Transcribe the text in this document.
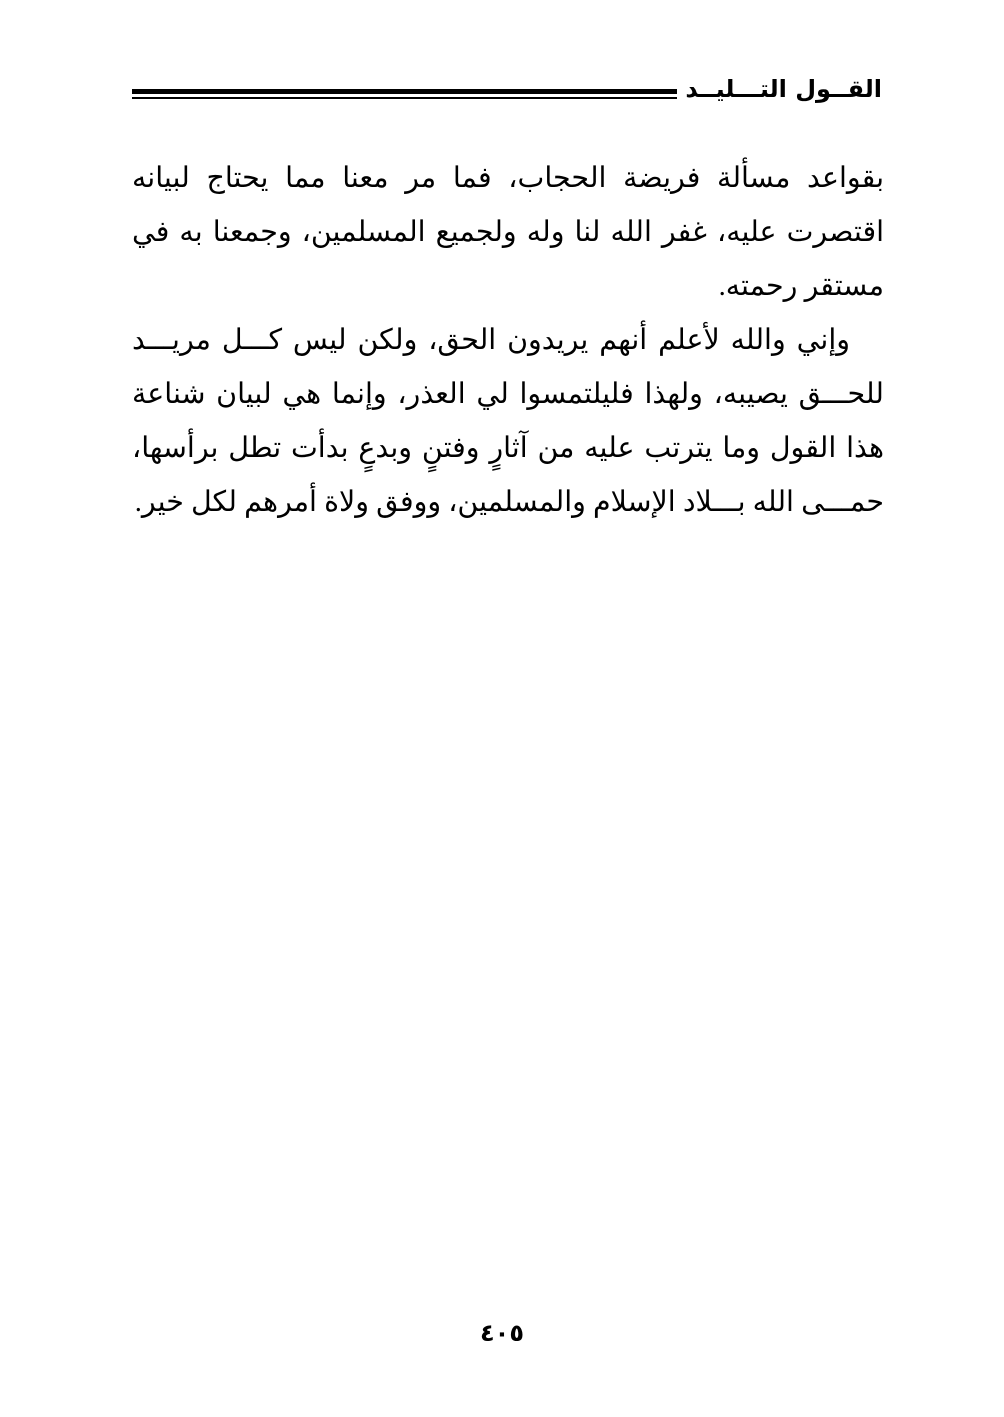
القــول التـــليــد

بقواعد مسألة فريضة الحجاب، فما مر معنا مما يحتاج لبيانه اقتصرت عليه، غفر الله لنا وله ولجميع المسلمين، وجمعنا به في مستقر رحمته.

وإني والله لأعلم أنهم يريدون الحق، ولكن ليس كـــل مريـــد للحـــق يصيبه، ولهذا فليلتمسوا لي العذر، وإنما هي لبيان شناعة هذا القول وما يترتب عليه من آثارٍ وفتنٍ وبدعٍ بدأت تطل برأسها، حمـــى الله بـــلاد الإسلام والمسلمين، ووفق ولاة أمرهم لكل خير.

٤٠٥
